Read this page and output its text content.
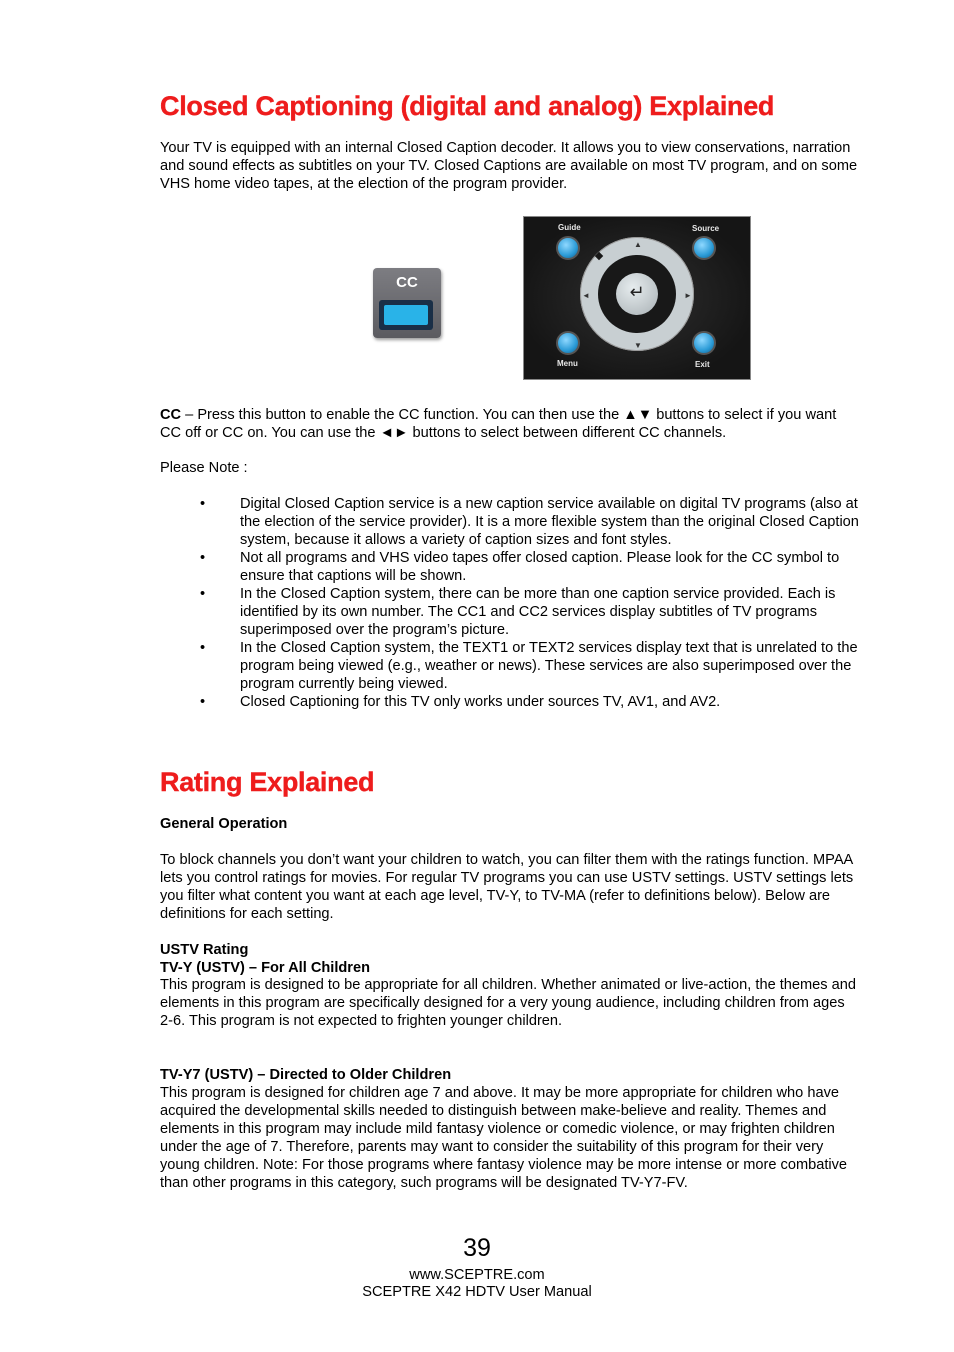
Closed Captioning (digital and analog) Explained

Your TV is equipped with an internal Closed Caption decoder. It allows you to view conservations, narration and sound effects as subtitles on your TV. Closed Captions are available on most TV program, and on some VHS home video tapes, at the election of the program provider.

CC – Press this button to enable the CC function. You can then use the ▲▼ buttons to select if you want CC off or CC on. You can use the ◄► buttons to select between different CC channels.

Please Note :

• Digital Closed Caption service is a new caption service available on digital TV programs (also at the election of the service provider). It is a more flexible system than the original Closed Caption system, because it allows a variety of caption sizes and font styles.
• Not all programs and VHS video tapes offer closed caption. Please look for the CC symbol to ensure that captions will be shown.
• In the Closed Caption system, there can be more than one caption service provided. Each is identified by its own number. The CC1 and CC2 services display subtitles of TV programs superimposed over the program’s picture.
• In the Closed Caption system, the TEXT1 or TEXT2 services display text that is unrelated to the program being viewed (e.g., weather or news). These services are also superimposed over the program currently being viewed.
• Closed Captioning for this TV only works under sources TV, AV1, and AV2.
Rating Explained

General Operation

To block channels you don’t want your children to watch, you can filter them with the ratings function. MPAA lets you control ratings for movies. For regular TV programs you can use USTV settings. USTV settings lets you filter what content you want at each age level, TV-Y, to TV-MA (refer to definitions below). Below are definitions for each setting.

USTV Rating

TV-Y (USTV) – For All Children

This program is designed to be appropriate for all children. Whether animated or live-action, the themes and elements in this program are specifically designed for a very young audience, including children from ages 2-6. This program is not expected to frighten younger children.

TV-Y7 (USTV) – Directed to Older Children

This program is designed for children age 7 and above. It may be more appropriate for children who have acquired the developmental skills needed to distinguish between make-believe and reality. Themes and elements in this program may include mild fantasy violence or comedic violence, or may frighten children under the age of 7. Therefore, parents may want to consider the suitability of this program for their very young children. Note: For those programs where fantasy violence may be more intense or more combative than other programs in this category, such programs will be designated TV-Y7-FV.

CC
Guide	Source
Menu	Exit
↵
▲
▼
◄	►
39
www.SCEPTRE.com
SCEPTRE X42 HDTV User Manual
